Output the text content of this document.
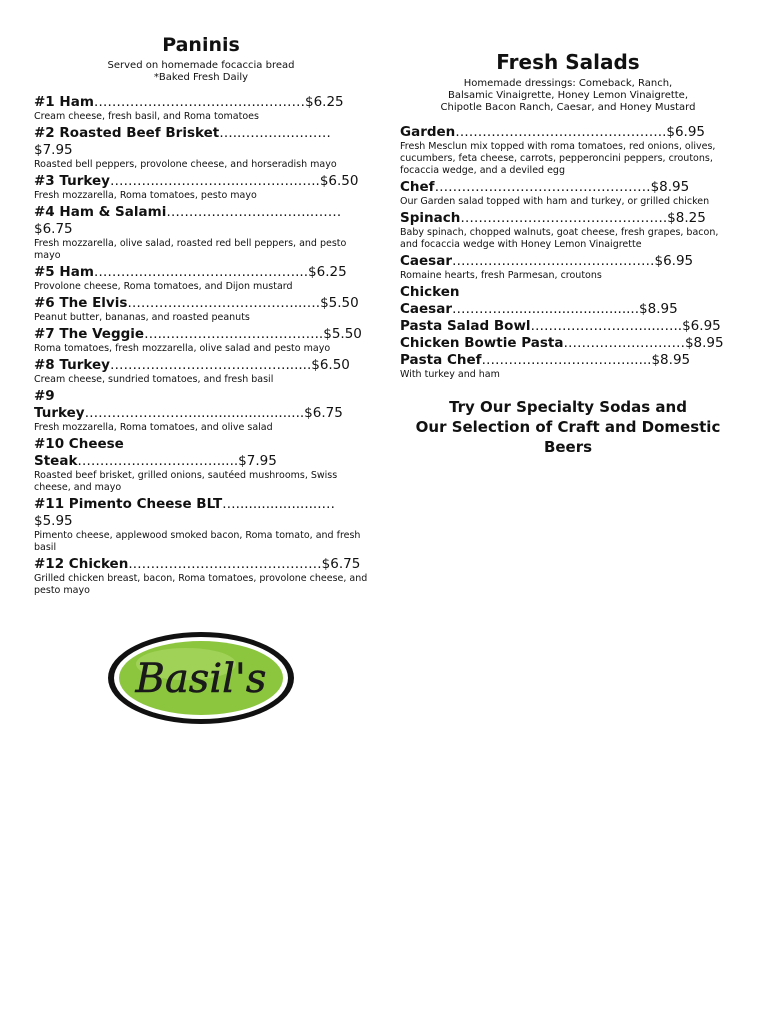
Paninis

Served on homemade focaccia bread

*Baked Fresh Daily

#1 Ham………………………………..………$6.25
Cream cheese, fresh basil, and Roma tomatoes
#2 Roasted Beef Brisket…..………..………$7.95
Roasted bell peppers, provolone cheese, and horseradish mayo
#3 Turkey………..….…………..………….…..$6.50
Fresh mozzarella, Roma tomatoes, pesto mayo
#4 Ham & Salami…………………….……..……$6.75
Fresh mozzarella, olive salad, roasted red bell peppers, and pesto mayo
#5 Ham……….….…..……………..………...$6.25
Provolone cheese, Roma tomatoes, and Dijon mustard
#6 The Elvis…………….…………………..….$5.50
Peanut butter, bananas, and roasted peanuts
#7 The Veggie…..……………………………..$5.50
Roma tomatoes, fresh mozzarella, olive salad and pesto mayo
#8 Turkey…………………………………......$6.50
Cream cheese, sundried tomatoes, and fresh basil
#9 Turkey……………………..........................$6.75
Fresh mozzarella, Roma tomatoes, and olive salad
#10 Cheese Steak…………………………......$7.95
Roasted beef brisket, grilled onions, sautéed mushrooms, Swiss cheese, and mayo
#11 Pimento Cheese BLT…....................…$5.95
Pimento cheese, applewood smoked bacon, Roma tomato, and fresh basil
#12 Chicken.……………………………………$6.75
Grilled chicken breast, bacon, Roma tomatoes, provolone cheese, and pesto mayo
Fresh Salads

Homemade dressings: Comeback, Ranch,

Balsamic Vinaigrette, Honey Lemon Vinaigrette,

Chipotle Bacon Ranch, Caesar, and Honey Mustard

Garden………………………………………..$6.95
Fresh Mesclun mix topped with roma tomatoes, red onions, olives, cucumbers, feta cheese, carrots, pepperoncini peppers, croutons, focaccia wedge, and a deviled egg
Chef…………………………………………$8.95
Our Garden salad topped with ham and turkey, or grilled chicken
Spinach……………………………………….$8.25
Baby spinach, chopped walnuts, goat cheese, fresh grapes, bacon, and focaccia wedge with Honey Lemon Vinaigrette
Caesar………………………………………$6.95
Romaine hearts, fresh Parmesan, croutons
Chicken Caesar…………...............................$8.95
Pasta Salad Bowl…………………….....…..$6.95
Chicken Bowtie Pasta………………………$8.95
Pasta Chef…………………………….....$8.95
With turkey and ham
Try Our Specialty Sodas and
Our Selection of Craft and Domestic Beers
Basil's
